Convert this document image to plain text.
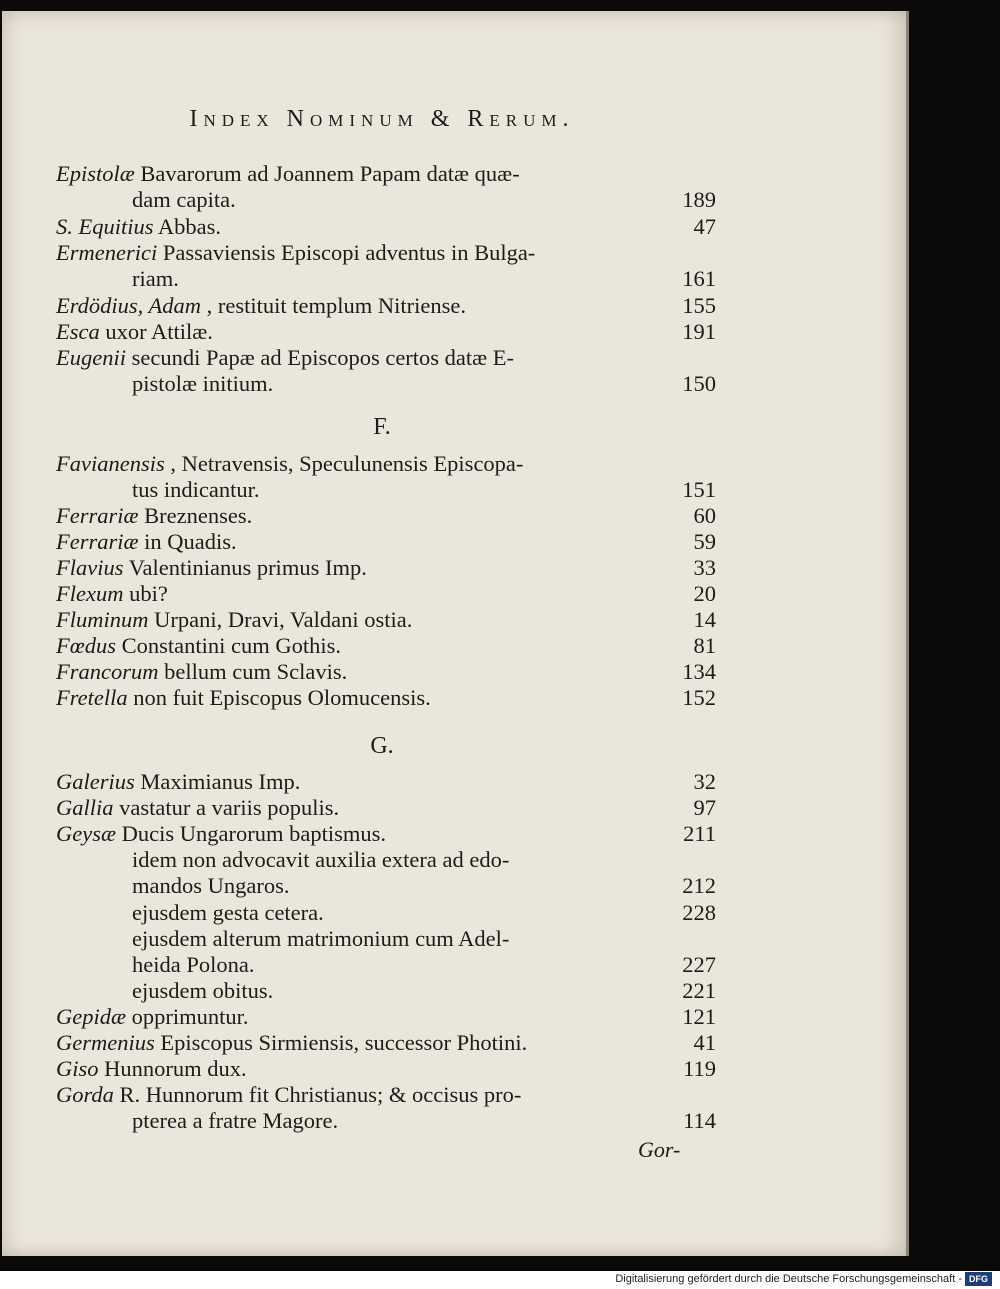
Index Nominum & Rerum.
Epistolæ Bavarorum ad Joannem Papam datæ quæ-
dam capita.	189
S. Equitius Abbas.	47
Ermenerici Passaviensis Episcopi adventus in Bulga-
riam.	161
Erdödius, Adam , restituit templum Nitriense.	155
Esca uxor Attilæ.	191
Eugenii secundi Papæ ad Episcopos certos datæ E-
pistolæ initium.	150
F.
Favianensis , Netravensis, Speculunensis Episcopa-
tus indicantur.	151
Ferrariæ Breznenses.	60
Ferrariæ in Quadis.	59
Flavius Valentinianus primus Imp.	33
Flexum ubi?	20
Fluminum Urpani, Dravi, Valdani ostia.	14
Fœdus Constantini cum Gothis.	81
Francorum bellum cum Sclavis.	134
Fretella non fuit Episcopus Olomucensis.	152
G.
Galerius Maximianus Imp.	32
Gallia vastatur a variis populis.	97
Geysæ Ducis Ungarorum baptismus.	211
idem non advocavit auxilia extera ad edo-
mandos Ungaros.	212
ejusdem gesta cetera.	228
ejusdem alterum matrimonium cum Adel-
heida Polona.	227
ejusdem obitus.	221
Gepidæ opprimuntur.	121
Germenius Episcopus Sirmiensis, successor Photini.	41
Giso Hunnorum dux.	119
Gorda R. Hunnorum fit Christianus; & occisus pro-
pterea a fratre Magore.	114
Gor-
Digitalisierung gefördert durch die Deutsche Forschungsgemeinschaft - DFG
